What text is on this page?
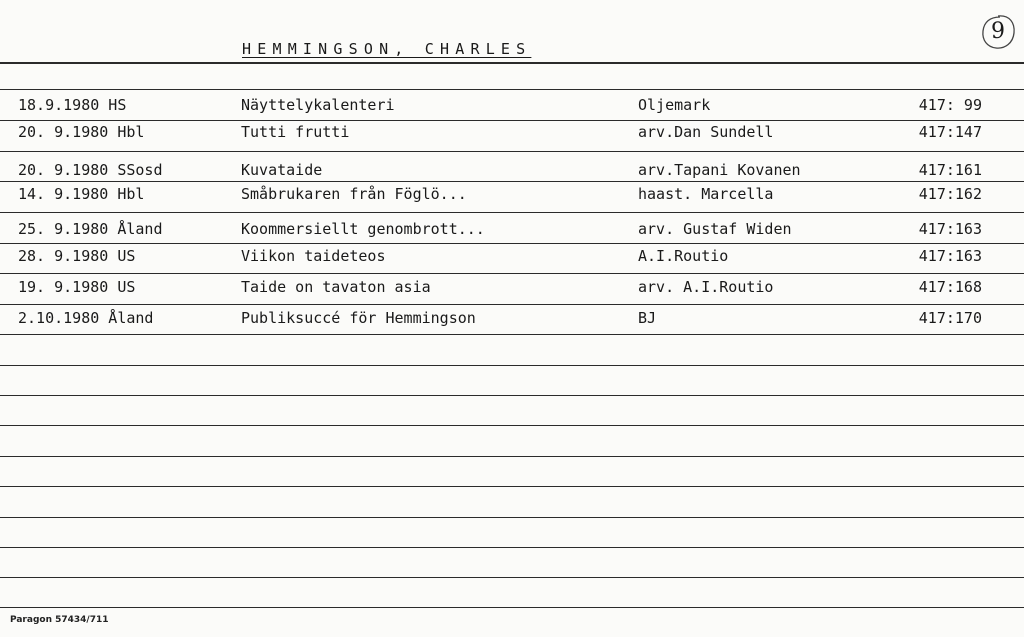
HEMMINGSON, CHARLES
9
18.9.1980 HS	Näyttelykalenteri	Oljemark	417: 99
20. 9.1980 Hbl	Tutti frutti	arv.Dan Sundell	417:147
20. 9.1980 SSosd	Kuvataide	arv.Tapani Kovanen	417:161
14. 9.1980 Hbl	Småbrukaren från Föglö...	haast. Marcella	417:162
25. 9.1980 Åland	Koommersiellt genombrott...	arv. Gustaf Widen	417:163
28. 9.1980 US	Viikon taideteos	A.I.Routio	417:163
19. 9.1980 US	Taide on tavaton asia	arv. A.I.Routio	417:168
2.10.1980 Åland	Publiksuccé för Hemmingson	BJ	417:170
Paragon 57434/711
